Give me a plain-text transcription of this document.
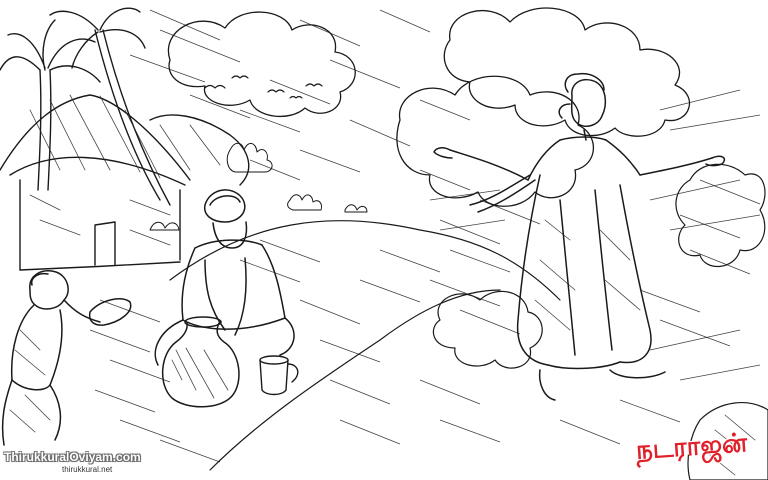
ThirukkuralOviyam.com
thirukkural.net
நடராஜன்
